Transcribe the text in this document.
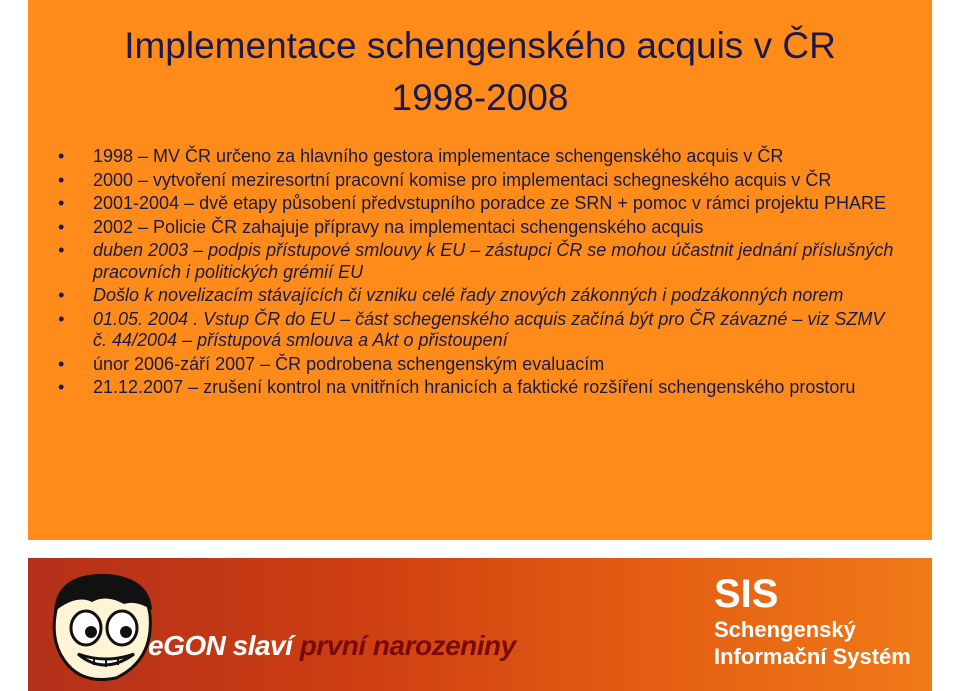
Implementace schengenského acquis v ČR
1998-2008
• 1998 – MV ČR určeno za hlavního gestora implementace schengenského acquis v ČR
• 2000 – vytvoření meziresortní pracovní komise pro implementaci schegneského acquis v ČR
• 2001-2004 – dvě etapy působení předvstupního poradce ze SRN + pomoc v rámci projektu PHARE
• 2002 – Policie ČR zahajuje přípravy na implementaci schengenského acquis
• duben 2003 – podpis přístupové smlouvy k EU – zástupci ČR se mohou účastnit jednání příslušných pracovních i politických grémií EU
• Došlo k novelizacím stávajících či vzniku celé řady znových zákonných i podzákonných norem
• 01.05. 2004 . Vstup ČR do EU – část schegenského acquis začíná být pro ČR závazné – viz SZMV č. 44/2004 – přístupová smlouva a Akt o přistoupení
• únor 2006-září 2007 – ČR podrobena schengenským evaluacím
• 21.12.2007 – zrušení kontrol na vnitřních hranicích a faktické rozšíření schengenského prostoru
eGON slaví první narozeniny
SIS
Schengenský
Informační Systém
